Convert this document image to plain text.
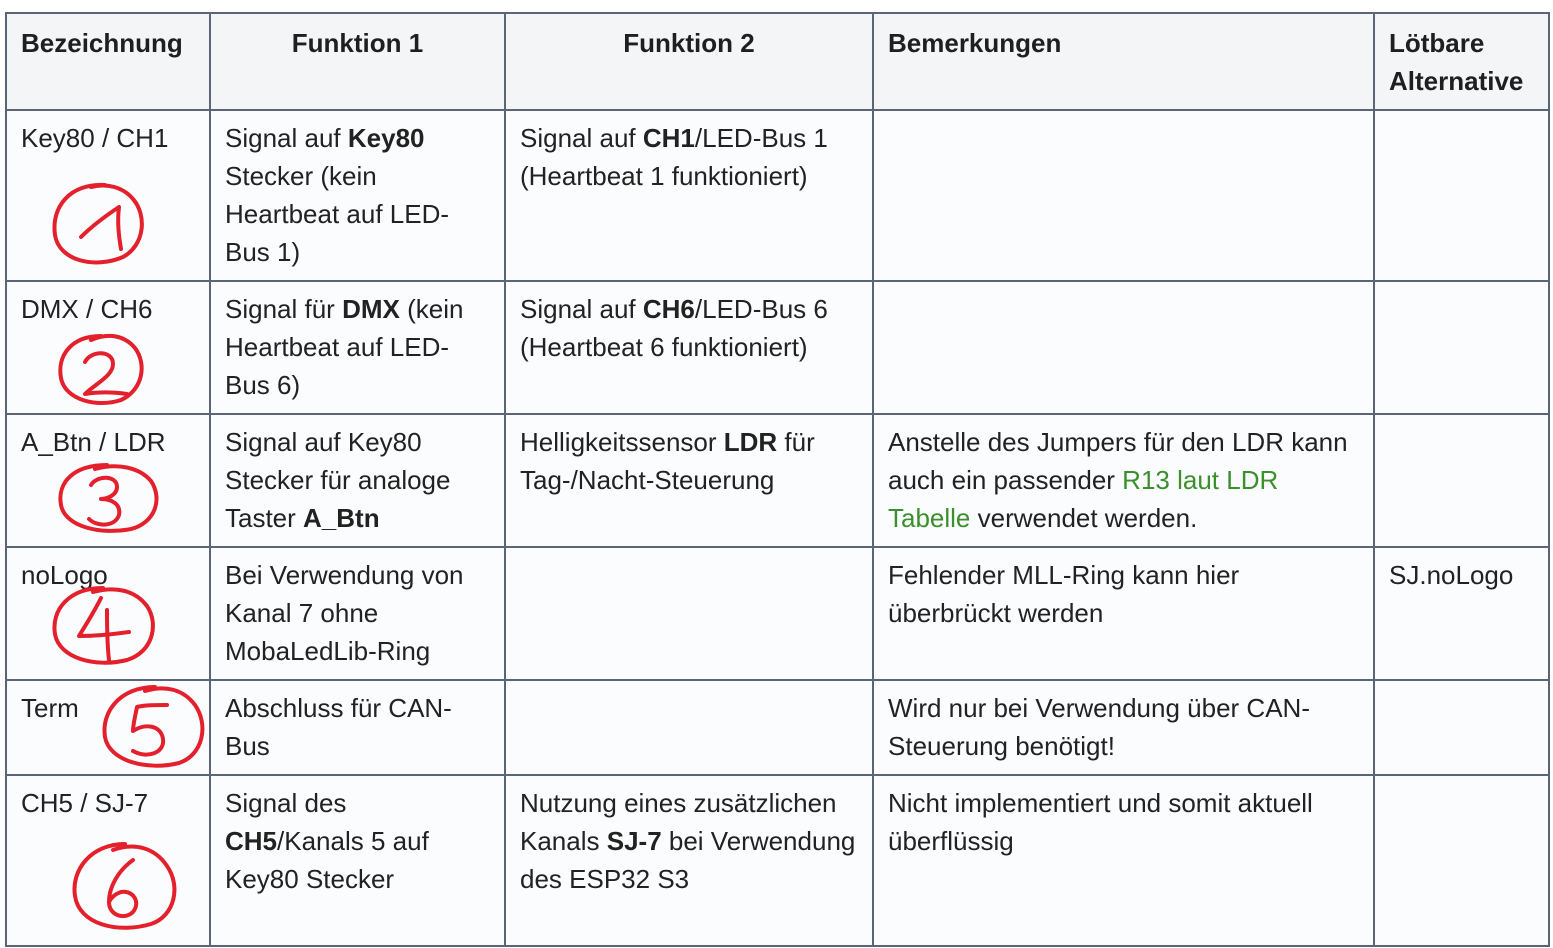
Bezeichnung	Funktion 1	Funktion 2	Bemerkungen	Lötbare Alternative
Key80 / CH1	Signal auf Key80 Stecker (kein Heartbeat auf LED-Bus 1)	Signal auf CH1/LED-Bus 1 (Heartbeat 1 funktioniert)		
DMX / CH6	Signal für DMX (kein Heartbeat auf LED-Bus 6)	Signal auf CH6/LED-Bus 6 (Heartbeat 6 funktioniert)		
A_Btn / LDR	Signal auf Key80 Stecker für analoge Taster A_Btn	Helligkeitssensor LDR für Tag-/Nacht-Steuerung	Anstelle des Jumpers für den LDR kann auch ein passender R13 laut LDR Tabelle verwendet werden.	
noLogo	Bei Verwendung von Kanal 7 ohne MobaLedLib-Ring		Fehlender MLL-Ring kann hier überbrückt werden	SJ.noLogo
Term	Abschluss für CAN-Bus		Wird nur bei Verwendung über CAN-Steuerung benötigt!	
CH5 / SJ-7	Signal des CH5/Kanals 5 auf Key80 Stecker	Nutzung eines zusätzlichen Kanals SJ-7 bei Verwendung des ESP32 S3	Nicht implementiert und somit aktuell überflüssig	
